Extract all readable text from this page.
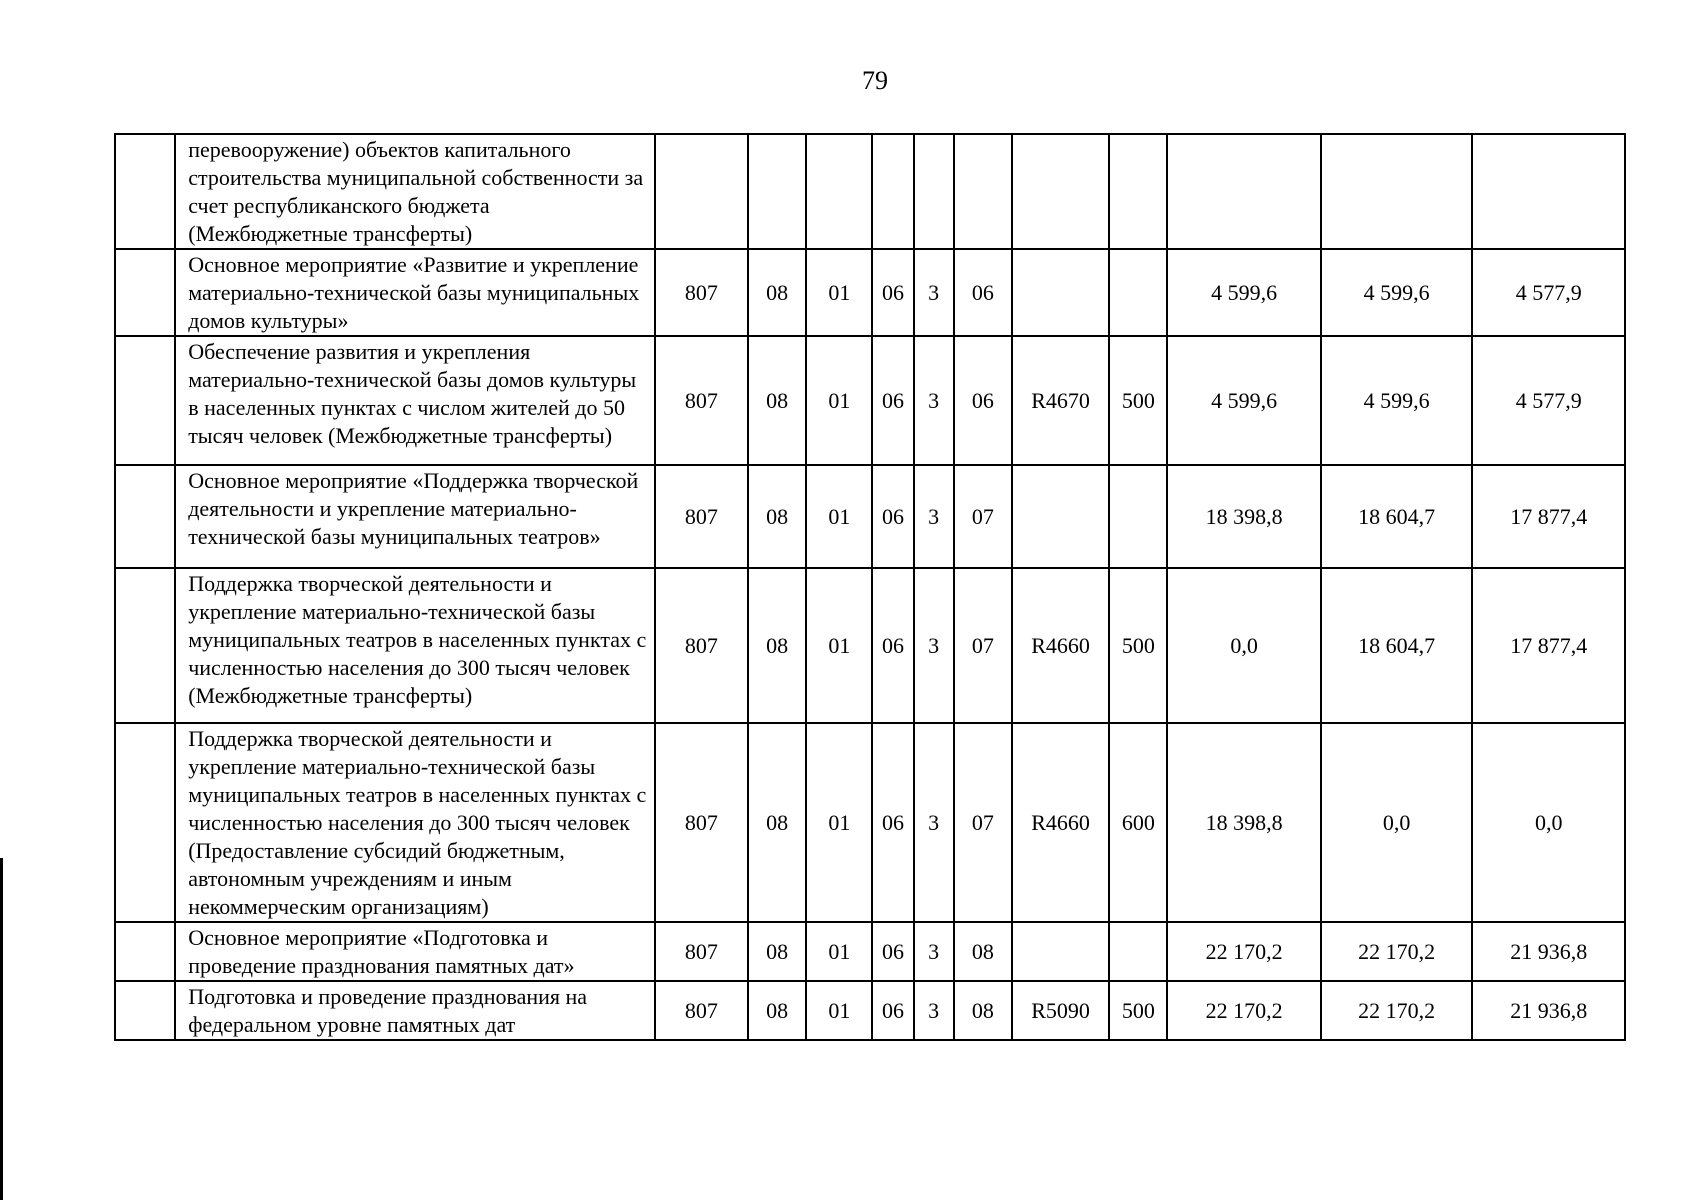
79
	перевооружение) объектов капитального строительства муниципальной собственности за счет республиканского бюджета (Межбюджетные трансферты)											
	Основное мероприятие «Развитие и укрепление материально-технической базы муниципальных домов культуры»	807	08	01	06	3	06			4 599,6	4 599,6	4 577,9
	Обеспечение развития и укрепления материально-технической базы домов культуры в населенных пунктах с числом жителей до 50 тысяч человек (Межбюджетные трансферты)	807	08	01	06	3	06	R4670	500	4 599,6	4 599,6	4 577,9
	Основное мероприятие «Поддержка творческой деятельности и укрепление материально-технической базы муниципальных театров»	807	08	01	06	3	07			18 398,8	18 604,7	17 877,4
	Поддержка творческой деятельности и укрепление материально-технической базы муниципальных театров в населенных пунктах с численностью населения до 300 тысяч человек (Межбюджетные трансферты)	807	08	01	06	3	07	R4660	500	0,0	18 604,7	17 877,4
	Поддержка творческой деятельности и укрепление материально-технической базы муниципальных театров в населенных пунктах с численностью населения до 300 тысяч человек (Предоставление субсидий бюджетным, автономным учреждениям и иным некоммерческим организациям)	807	08	01	06	3	07	R4660	600	18 398,8	0,0	0,0
	Основное мероприятие «Подготовка и проведение празднования памятных дат»	807	08	01	06	3	08			22 170,2	22 170,2	21 936,8
	Подготовка и проведение празднования на федеральном уровне памятных дат	807	08	01	06	3	08	R5090	500	22 170,2	22 170,2	21 936,8
